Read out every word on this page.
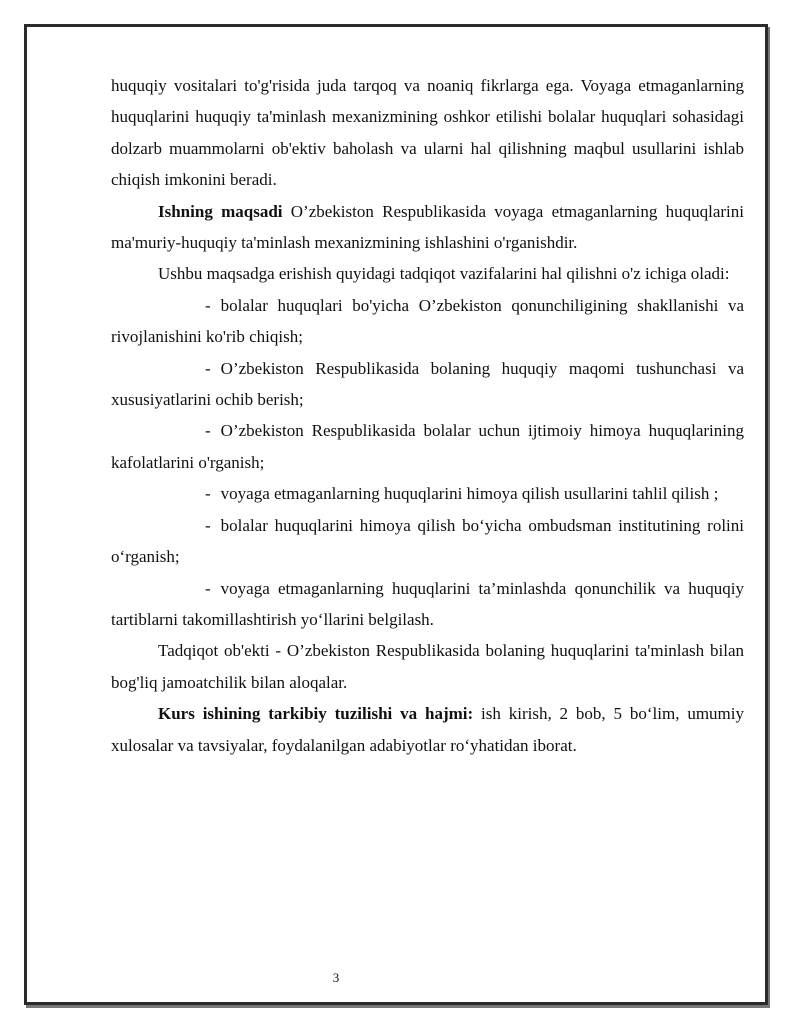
huquqiy vositalari to'g'risida juda tarqoq va noaniq fikrlarga ega. Voyaga etmaganlarning huquqlarini huquqiy ta'minlash mexanizmining oshkor etilishi bolalar huquqlari sohasidagi dolzarb muammolarni ob'ektiv baholash va ularni hal qilishning maqbul usullarini ishlab chiqish imkonini beradi.

Ishning maqsadi O’zbekiston Respublikasida voyaga etmaganlarning huquqlarini ma'muriy-huquqiy ta'minlash mexanizmining ishlashini o'rganishdir.

Ushbu maqsadga erishish quyidagi tadqiqot vazifalarini hal qilishni o'z ichiga oladi:

- bolalar huquqlari bo'yicha O’zbekiston qonunchiligining shakllanishi va rivojlanishini ko'rib chiqish;

- O’zbekiston Respublikasida bolaning huquqiy maqomi tushunchasi va xususiyatlarini ochib berish;

- O’zbekiston Respublikasida bolalar uchun ijtimoiy himoya huquqlarining kafolatlarini o'rganish;

- voyaga etmaganlarning huquqlarini himoya qilish usullarini tahlil qilish ;

- bolalar huquqlarini himoya qilish bo‘yicha ombudsman institutining rolini o‘rganish;

- voyaga etmaganlarning huquqlarini ta’minlashda qonunchilik va huquqiy tartiblarni takomillashtirish yo‘llarini belgilash.

Tadqiqot ob'ekti - O’zbekiston Respublikasida bolaning huquqlarini ta'minlash bilan bog'liq jamoatchilik bilan aloqalar.

Kurs ishining tarkibiy tuzilishi va hajmi: ish kirish, 2 bob, 5 bo‘lim, umumiy xulosalar va tavsiyalar, foydalanilgan adabiyotlar ro‘yhatidan iborat.

3
